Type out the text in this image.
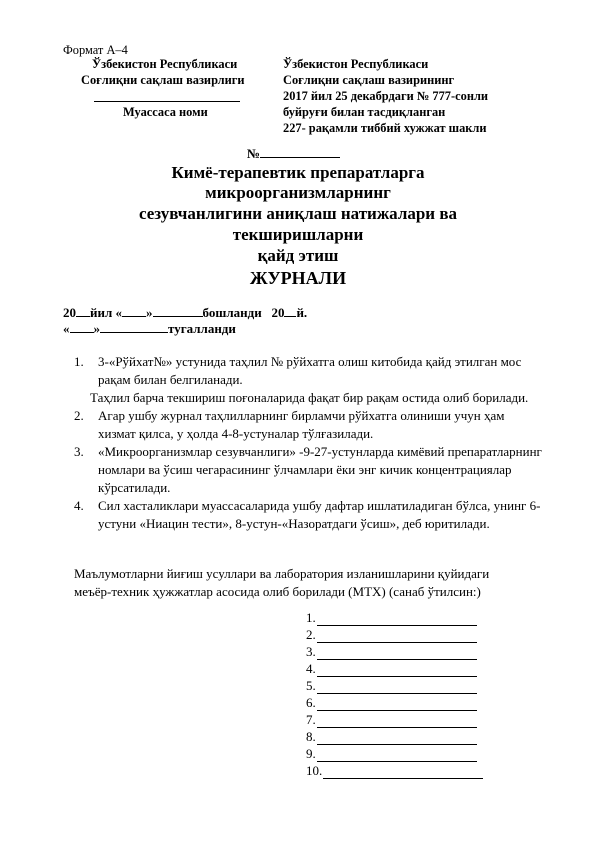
Формат А–4
Ўзбекистон Республикаси
Соғлиқни сақлаш вазирлиги
Муассаса номи
Ўзбекистон Республикаси
Соғлиқни сақлаш вазирининг
2017 йил 25 декабрдаги № 777-сонли
буйруғи билан тасдиқланган
227- рақамли тиббий хужжат шакли
№
Кимё-терапевтик препаратларга
микроорганизмларнинг
сезувчанлигини аниқлаш натижалари ва
текширишларни
қайд этиш
ЖУРНАЛИ
20 йил « »	бошланди 20 й.
« »	тугалланди
1. 3-«Рўйхат№» устунида таҳлил № рўйхатга олиш китобида қайд этилган мос рақам билан белгиланади.
Таҳлил барча текшириш поғоналарида фақат бир рақам остида олиб борилади.
2. Агар ушбу журнал таҳлилларнинг бирламчи рўйхатга олиниши учун ҳам хизмат қилса, у ҳолда 4-8-устуналар тўлғазилади.
3. «Микроорганизмлар сезувчанлиги» -9-27-устунларда кимёвий препаратларнинг номлари ва ўсиш чегарасининг ўлчамлари ёки энг кичик концентрациялар кўрсатилади.
4. Сил хасталиклари муассасаларида ушбу дафтар ишлатиладиган бўлса, унинг 6-устуни «Ниацин тести», 8-устун-«Назоратдаги ўсиш», деб юритилади.
Маълумотларни йиғиш усуллари ва лаборатория изланишларини қуйидаги меъёр-техник ҳужжатлар асосида олиб борилади (МТХ) (санаб ўтилсин:)
1.
2.
3.
4.
5.
6.
7.
8.
9.
10.
